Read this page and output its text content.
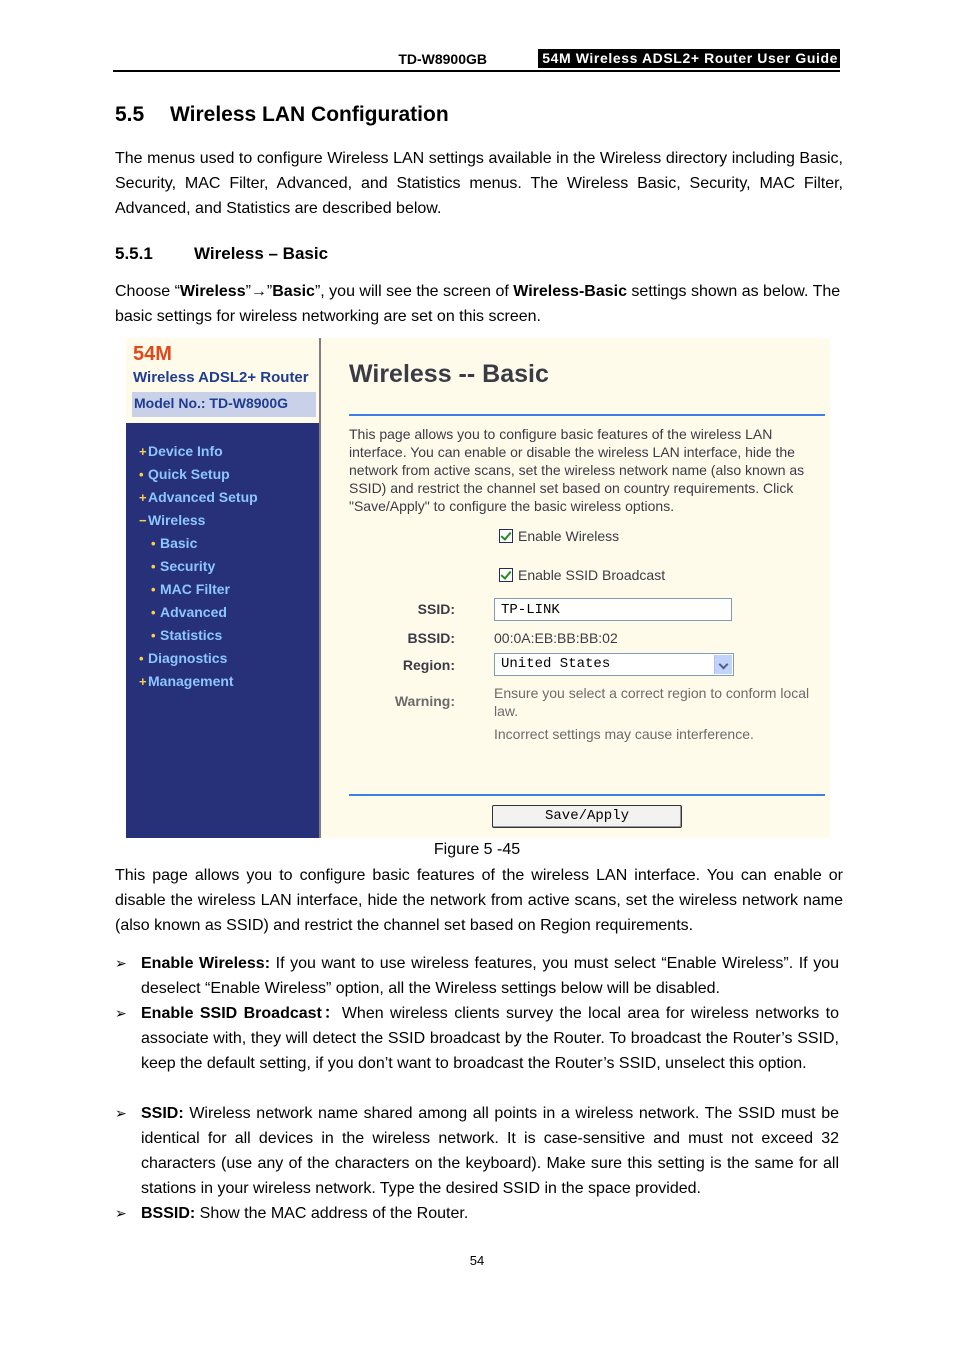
TD-W8900GB	54M Wireless ADSL2+ Router User Guide
5.5 Wireless LAN Configuration
The menus used to configure Wireless LAN settings available in the Wireless directory including Basic, Security, MAC Filter, Advanced, and Statistics menus. The Wireless Basic, Security, MAC Filter, Advanced, and Statistics are described below.
5.5.1 Wireless – Basic
Choose “Wireless”→”Basic”, you will see the screen of Wireless-Basic settings shown as below. The basic settings for wireless networking are set on this screen.
54M
Wireless ADSL2+ Router
Model No.: TD-W8900G
+Device Info
• Quick Setup
+Advanced Setup
−Wireless
• Basic
• Security
• MAC Filter
• Advanced
• Statistics
• Diagnostics
+Management
Wireless -- Basic
This page allows you to configure basic features of the wireless LAN interface. You can enable or disable the wireless LAN interface, hide the network from active scans, set the wireless network name (also known as SSID) and restrict the channel set based on country requirements. Click "Save/Apply" to configure the basic wireless options.
Enable Wireless
Enable SSID Broadcast
SSID:	TP-LINK
BSSID:	00:0A:EB:BB:BB:02
Region:	United States
Warning:	Ensure you select a correct region to conform local law.
Incorrect settings may cause interference.
Save/Apply
Figure 5 -45
This page allows you to configure basic features of the wireless LAN interface. You can enable or disable the wireless LAN interface, hide the network from active scans, set the wireless network name (also known as SSID) and restrict the channel set based on Region requirements.
➢ Enable Wireless: If you want to use wireless features, you must select “Enable Wireless”. If you deselect “Enable Wireless” option, all the Wireless settings below will be disabled.
➢ Enable SSID Broadcast：When wireless clients survey the local area for wireless networks to associate with, they will detect the SSID broadcast by the Router. To broadcast the Router’s SSID, keep the default setting, if you don’t want to broadcast the Router’s SSID, unselect this option.
➢ SSID: Wireless network name shared among all points in a wireless network. The SSID must be identical for all devices in the wireless network. It is case-sensitive and must not exceed 32 characters (use any of the characters on the keyboard). Make sure this setting is the same for all stations in your wireless network. Type the desired SSID in the space provided.
➢ BSSID: Show the MAC address of the Router.
54
